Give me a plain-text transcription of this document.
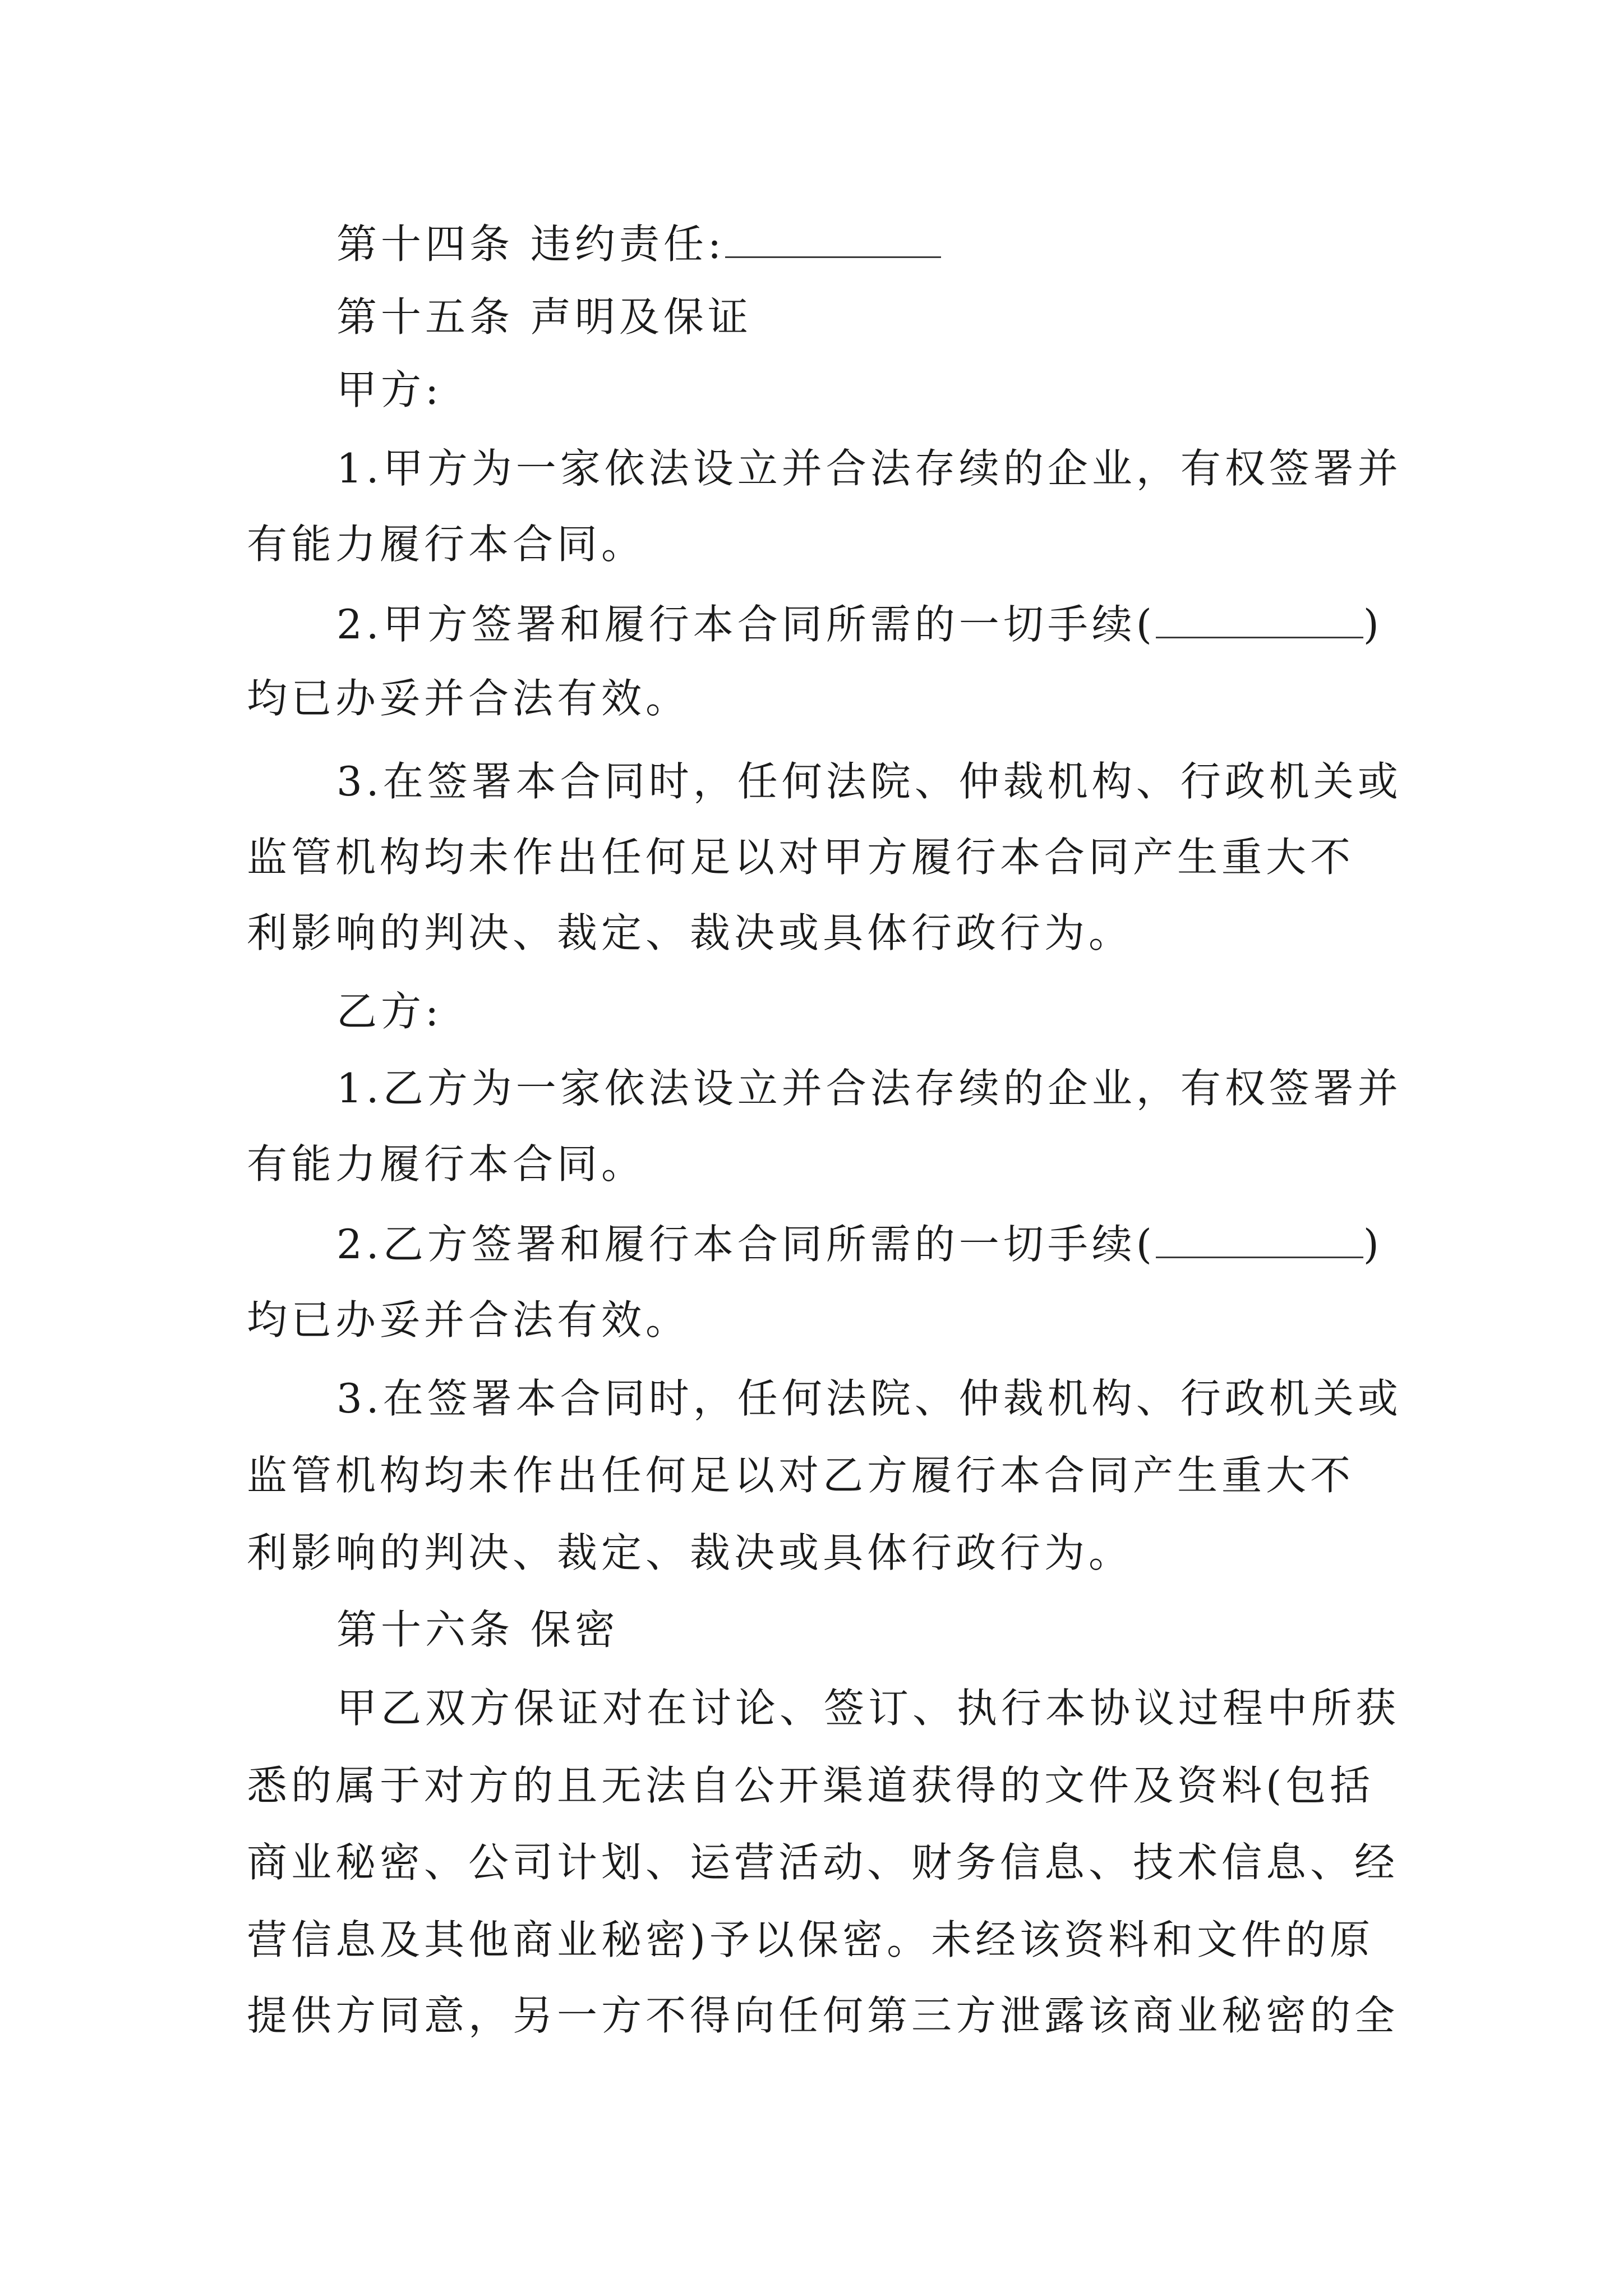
第十四条 违约责任:
第十五条 声明及保证
甲方:
1.甲方为一家依法设立并合法存续的企业，有权签署并
有能力履行本合同。
2.甲方签署和履行本合同所需的一切手续(	)
均已办妥并合法有效。
3.在签署本合同时，任何法院、仲裁机构、行政机关或
监管机构均未作出任何足以对甲方履行本合同产生重大不
利影响的判决、裁定、裁决或具体行政行为。
乙方:
1.乙方为一家依法设立并合法存续的企业，有权签署并
有能力履行本合同。
2.乙方签署和履行本合同所需的一切手续(	)
均已办妥并合法有效。
3.在签署本合同时，任何法院、仲裁机构、行政机关或
监管机构均未作出任何足以对乙方履行本合同产生重大不
利影响的判决、裁定、裁决或具体行政行为。
第十六条 保密
甲乙双方保证对在讨论、签订、执行本协议过程中所获
悉的属于对方的且无法自公开渠道获得的文件及资料(包括
商业秘密、公司计划、运营活动、财务信息、技术信息、经
营信息及其他商业秘密)予以保密。未经该资料和文件的原
提供方同意，另一方不得向任何第三方泄露该商业秘密的全
